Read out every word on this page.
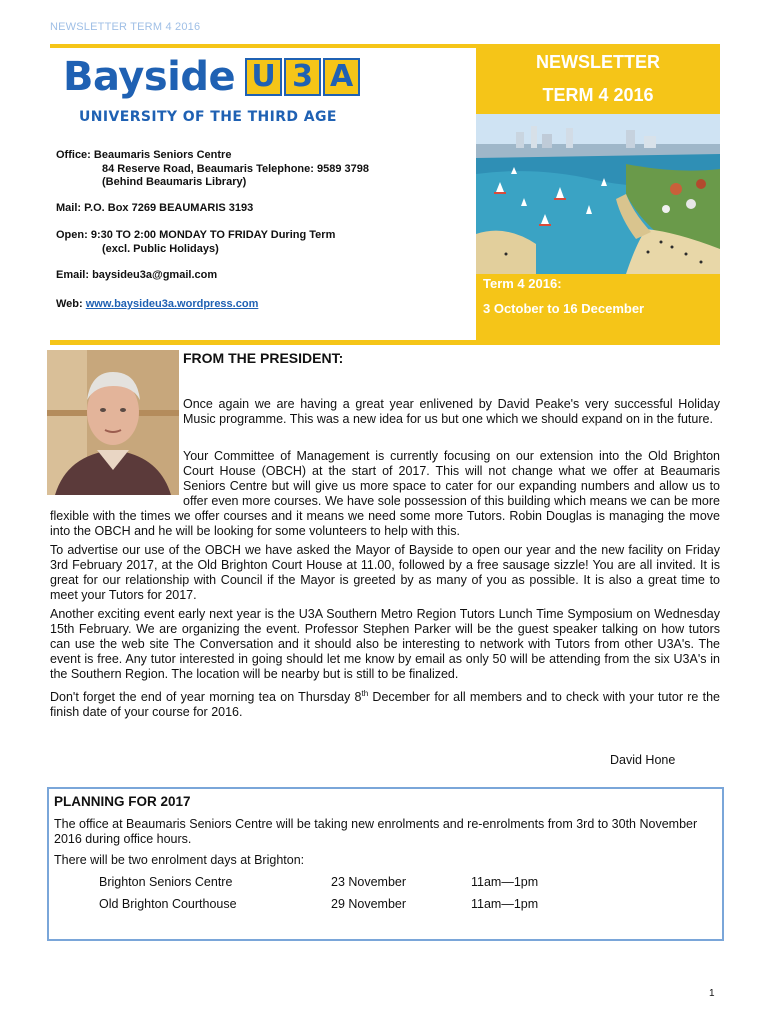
NEWSLETTER TERM 4 2016
Bayside U 3 A
UNIVERSITY OF THE THIRD AGE
Office: Beaumaris Seniors Centre
84 Reserve Road, Beaumaris Telephone: 9589 3798
(Behind Beaumaris Library)
Mail: P.O. Box 7269 BEAUMARIS 3193
Open: 9:30 TO 2:00 MONDAY TO FRIDAY During Term
(excl. Public Holidays)
Email: baysideu3a@gmail.com
Web: www.baysideu3a.wordpress.com
NEWSLETTER
TERM 4 2016
Term 4 2016:
3 October to 16 December
FROM THE PRESIDENT:

Once again we are having a great year enlivened by David Peake's very successful Holiday Music programme. This was a new idea for us but one which we should expand on in the future.

Your Committee of Management is currently focusing on our extension into the Old Brighton Court House (OBCH) at the start of 2017. This will not change what we offer at Beaumaris Seniors Centre but will give us more space to cater for our expanding numbers and allow us to offer even more courses. We have sole possession of this building which means we can be more flexible with the times we offer courses and it means we need some more Tutors. Robin Douglas is managing the move into the OBCH and he will be looking for some volunteers to help with this.

To advertise our use of the OBCH we have asked the Mayor of Bayside to open our year and the new facility on Friday 3rd February 2017, at the Old Brighton Court House at 11.00, followed by a free sausage sizzle! You are all invited. It is great for our relationship with Council if the Mayor is greeted by as many of you as possible. It is also a great time to meet your Tutors for 2017.

Another exciting event early next year is the U3A Southern Metro Region Tutors Lunch Time Symposium on Wednesday 15th February. We are organizing the event. Professor Stephen Parker will be the guest speaker talking on how tutors can use the web site The Conversation and it should also be interesting to network with Tutors from other U3A's. The event is free. Any tutor interested in going should let me know by email as only 50 will be attending from the six U3A's in the Southern Region. The location will be nearby but is still to be finalized.

Don't forget the end of year morning tea on Thursday 8th December for all members and to check with your tutor re the finish date of your course for 2016.

David Hone
PLANNING FOR 2017
The office at Beaumaris Seniors Centre will be taking new enrolments and re-enrolments from 3rd to 30th November 2016 during office hours.
There will be two enrolment days at Brighton:
Brighton Seniors Centre	23 November	11am—1pm
Old Brighton Courthouse	29 November	11am—1pm
1
